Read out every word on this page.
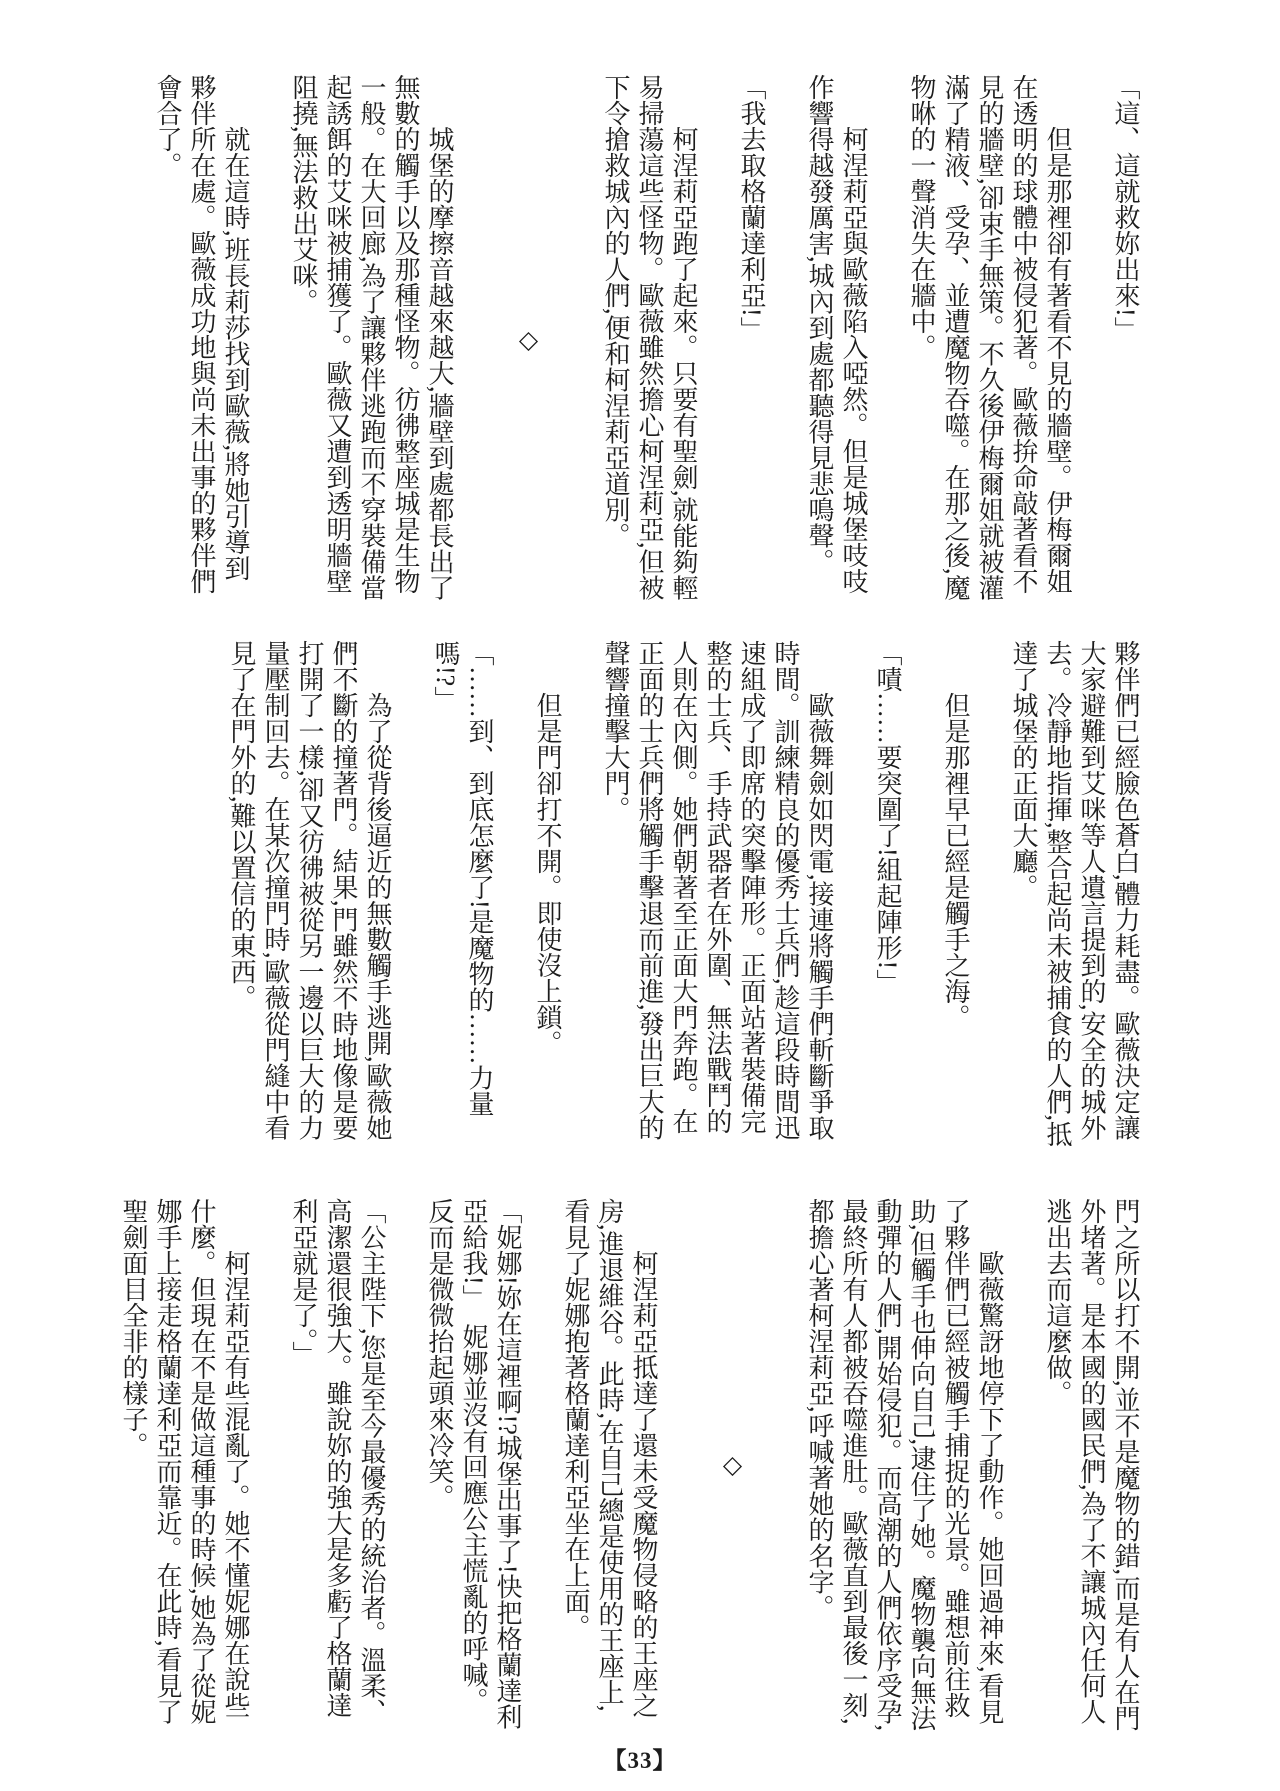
「這、這就救妳出來!」

但是那裡卻有著看不見的牆壁。伊梅爾姐在透明的球體中被侵犯著。歐薇拚命敲著看不見的牆壁,卻束手無策。不久後伊梅爾姐就被灌滿了精液、受孕、並遭魔物吞噬。在那之後,魔物咻的一聲消失在牆中。

柯涅莉亞與歐薇陷入啞然。但是城堡吱吱作響得越發厲害,城內到處都聽得見悲鳴聲。

「我去取格蘭達利亞!」

柯涅莉亞跑了起來。只要有聖劍,就能夠輕易掃蕩這些怪物。歐薇雖然擔心柯涅莉亞,但被下令搶救城內的人們,便和柯涅莉亞道別。

◇

城堡的摩擦音越來越大,牆壁到處都長出了無數的觸手以及那種怪物。彷彿整座城是生物一般。在大回廊,為了讓夥伴逃跑而不穿裝備當起誘餌的艾咪被捕獲了。歐薇又遭到透明牆壁阻撓,無法救出艾咪。

就在這時,班長莉莎找到歐薇,將她引導到夥伴所在處。歐薇成功地與尚未出事的夥伴們會合了。

夥伴們已經臉色蒼白,體力耗盡。歐薇決定讓大家避難到艾咪等人遺言提到的,安全的城外去。冷靜地指揮,整合起尚未被捕食的人們,抵達了城堡的正面大廳。

但是那裡早已經是觸手之海。

「嘖……要突圍了!組起陣形!」

歐薇舞劍如閃電,接連將觸手們斬斷爭取時間。訓練精良的優秀士兵們,趁這段時間迅速組成了即席的突擊陣形。正面站著裝備完整的士兵、手持武器者在外圍、無法戰鬥的人則在內側。她們朝著至正面大門奔跑。在正面的士兵們將觸手擊退而前進,發出巨大的聲響撞擊大門。

但是門卻打不開。即使沒上鎖。

「……到、到底怎麼了!是魔物的……力量嗎!?」

為了從背後逼近的無數觸手逃開,歐薇她們不斷的撞著門。結果,門雖然不時地像是要打開了一樣,卻又彷彿被從另一邊以巨大的力量壓制回去。在某次撞門時,歐薇從門縫中看見了在門外的,難以置信的東西。

門之所以打不開,並不是魔物的錯,而是有人在門外堵著。是本國的國民們,為了不讓城內任何人逃出去而這麼做。

歐薇驚訝地停下了動作。她回過神來,看見了夥伴們已經被觸手捕捉的光景。雖想前往救助,但觸手也伸向自己,逮住了她。魔物襲向無法動彈的人們,開始侵犯。而高潮的人們依序受孕,最終所有人都被吞噬進肚。歐薇直到最後一刻,都擔心著柯涅莉亞,呼喊著她的名字。

◇

柯涅莉亞抵達了還未受魔物侵略的王座之房,進退維谷。此時,在自己總是使用的王座上,看見了妮娜抱著格蘭達利亞坐在上面。

「妮娜!妳在這裡啊!?城堡出事了!快把格蘭達利亞給我!」　妮娜並沒有回應公主慌亂的呼喊。反而是微微抬起頭來冷笑。

「公主陛下,您是至今最優秀的統治者。溫柔、高潔還很強大。雖說妳的強大是多虧了格蘭達利亞就是了。」

柯涅莉亞有些混亂了。她不懂妮娜在說些什麼。但現在不是做這種事的時候,她為了從妮娜手上接走格蘭達利亞而靠近。在此時,看見了聖劍面目全非的樣子。

【33】
